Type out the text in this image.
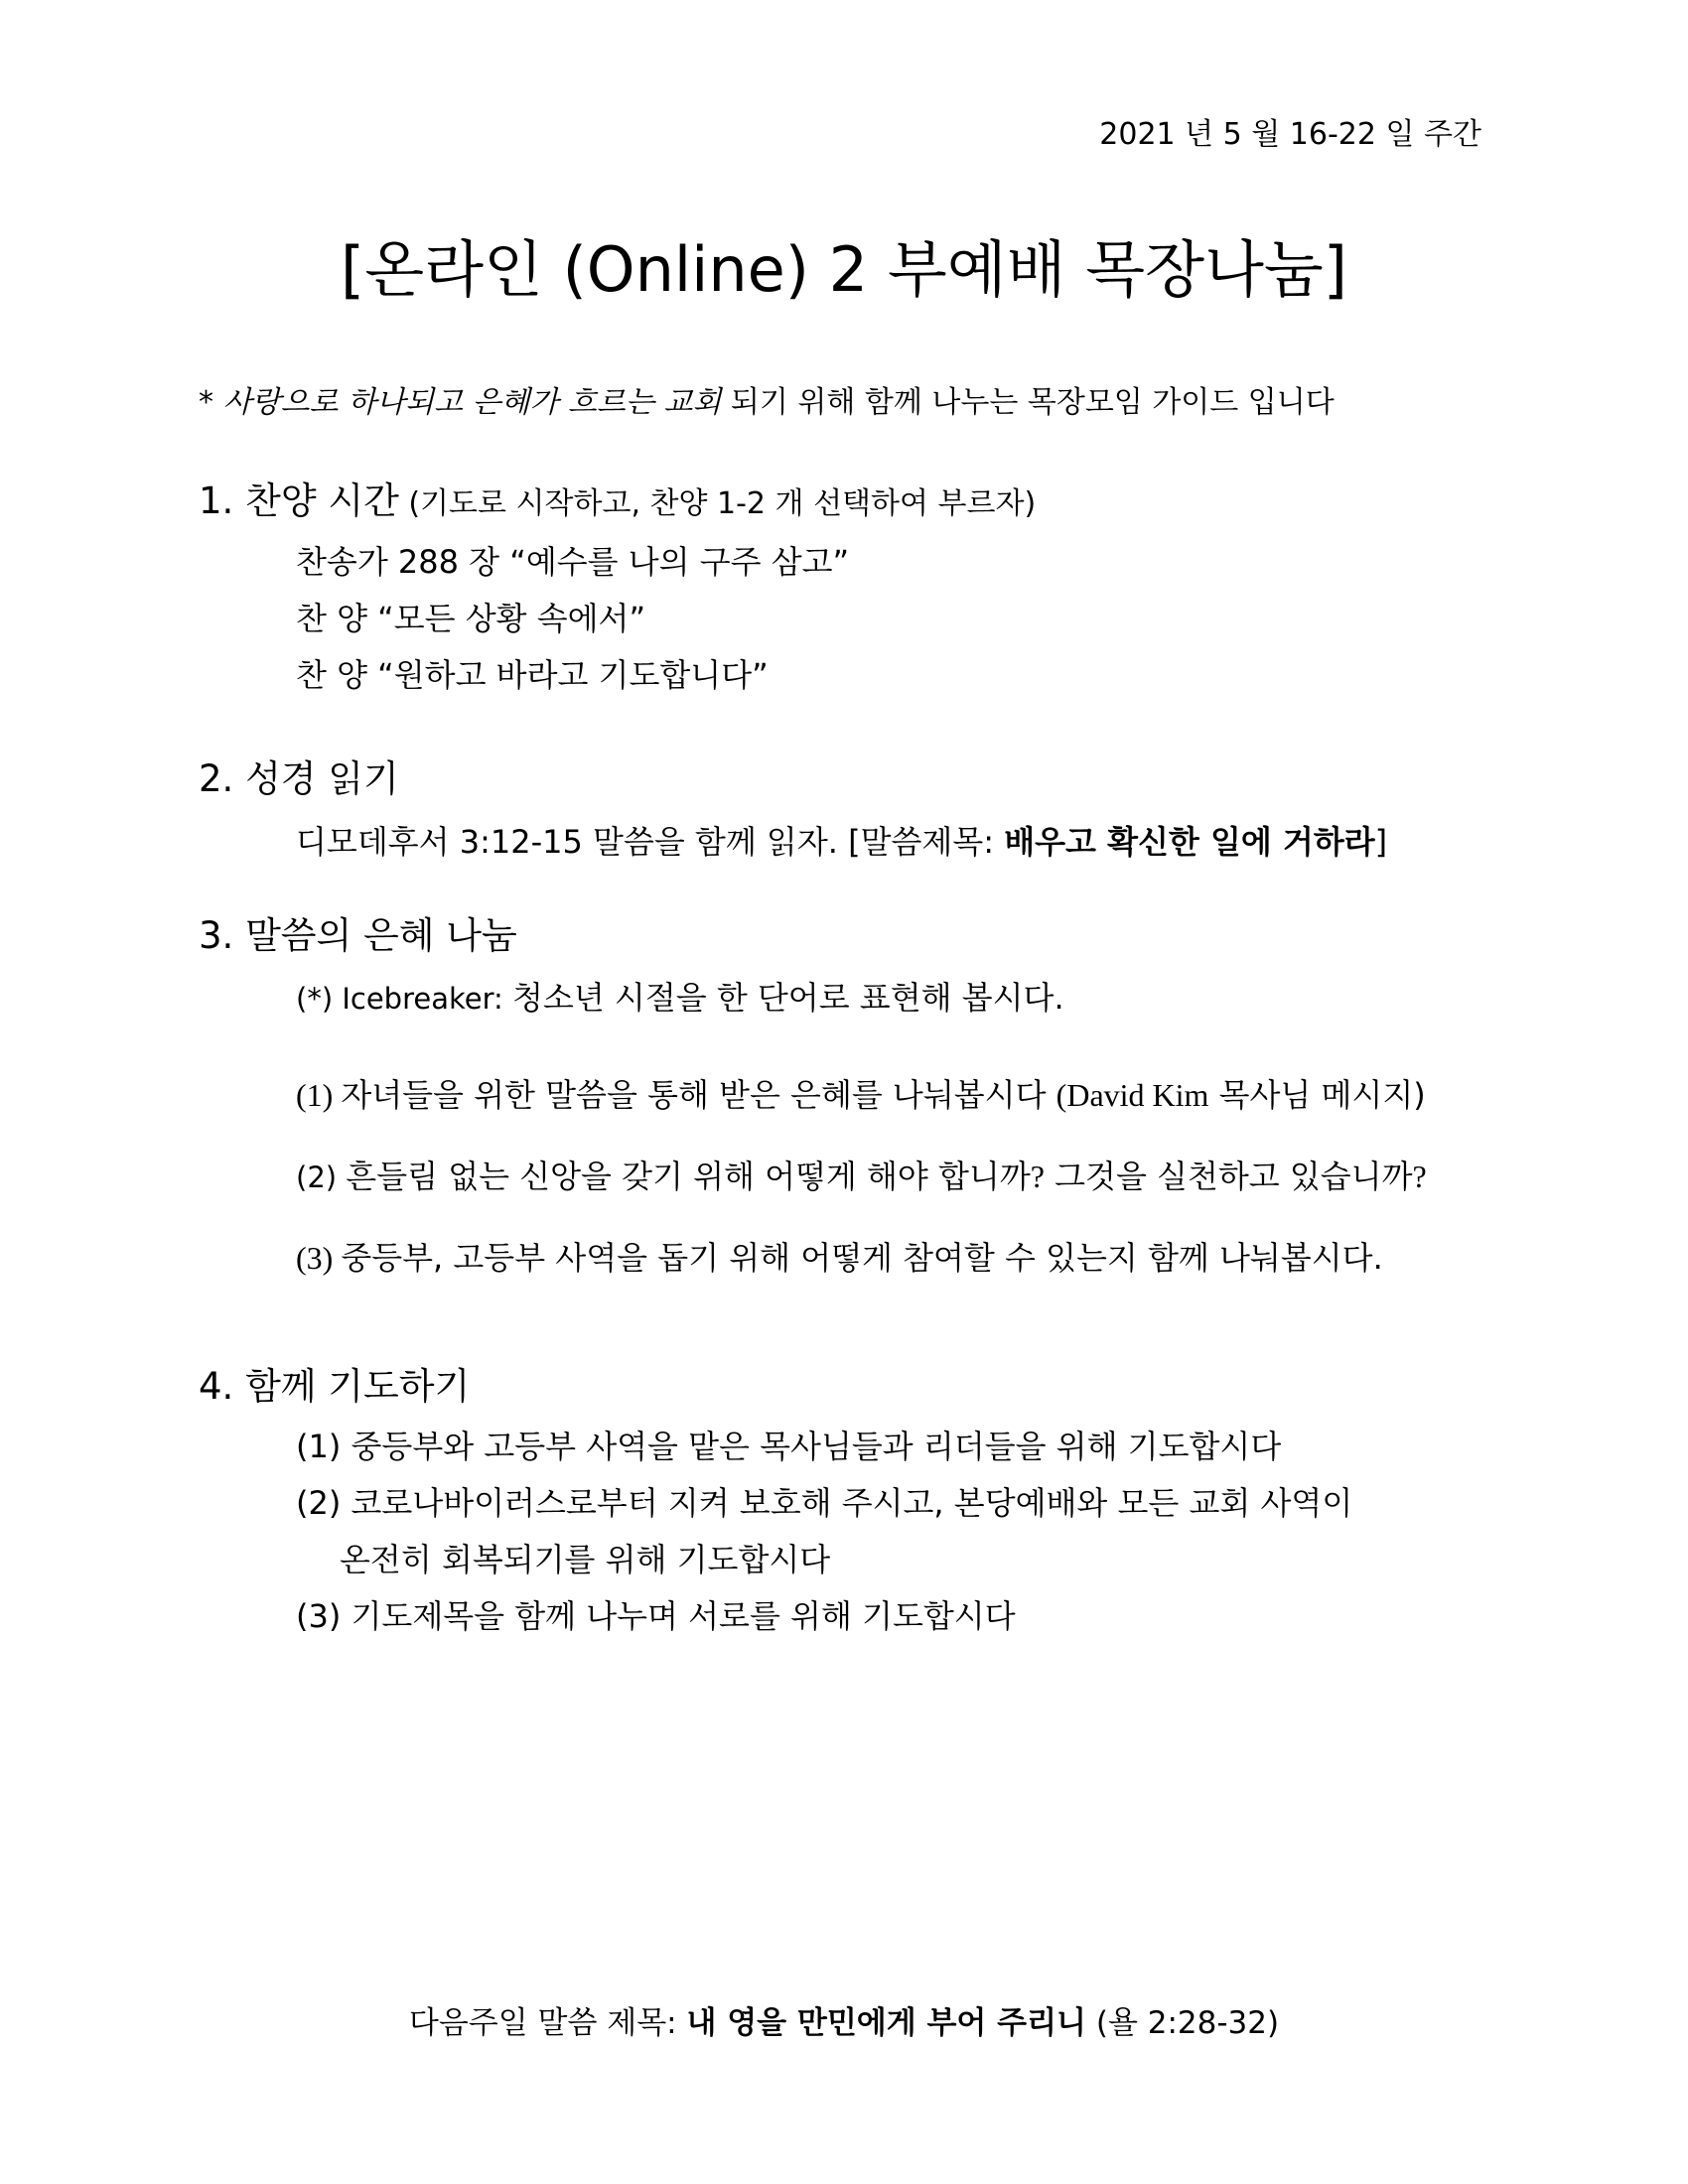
2021 년 5 월 16-22 일 주간
[온라인 (Online) 2 부예배 목장나눔]
* 사랑으로 하나되고 은혜가 흐르는 교회 되기 위해 함께 나누는 목장모임 가이드 입니다
1. 찬양 시간 (기도로 시작하고, 찬양 1-2 개 선택하여 부르자)
찬송가 288 장 “예수를 나의 구주 삼고”
찬 양 “모든 상황 속에서”
찬 양 “원하고 바라고 기도합니다”
2. 성경 읽기
디모데후서 3:12-15 말씀을 함께 읽자. [말씀제목: 배우고 확신한 일에 거하라]
3. 말씀의 은혜 나눔
(*) Icebreaker: 청소년 시절을 한 단어로 표현해 봅시다.
(1) 자녀들을 위한 말씀을 통해 받은 은혜를 나눠봅시다 (David Kim 목사님 메시지)
(2) 흔들림 없는 신앙을 갖기 위해 어떻게 해야 합니까? 그것을 실천하고 있습니까?
(3) 중등부, 고등부 사역을 돕기 위해 어떻게 참여할 수 있는지 함께 나눠봅시다.
4. 함께 기도하기
(1) 중등부와 고등부 사역을 맡은 목사님들과 리더들을 위해 기도합시다
(2) 코로나바이러스로부터 지켜 보호해 주시고, 본당예배와 모든 교회 사역이
온전히 회복되기를 위해 기도합시다
(3) 기도제목을 함께 나누며 서로를 위해 기도합시다
다음주일 말씀 제목: 내 영을 만민에게 부어 주리니 (욜 2:28-32)
